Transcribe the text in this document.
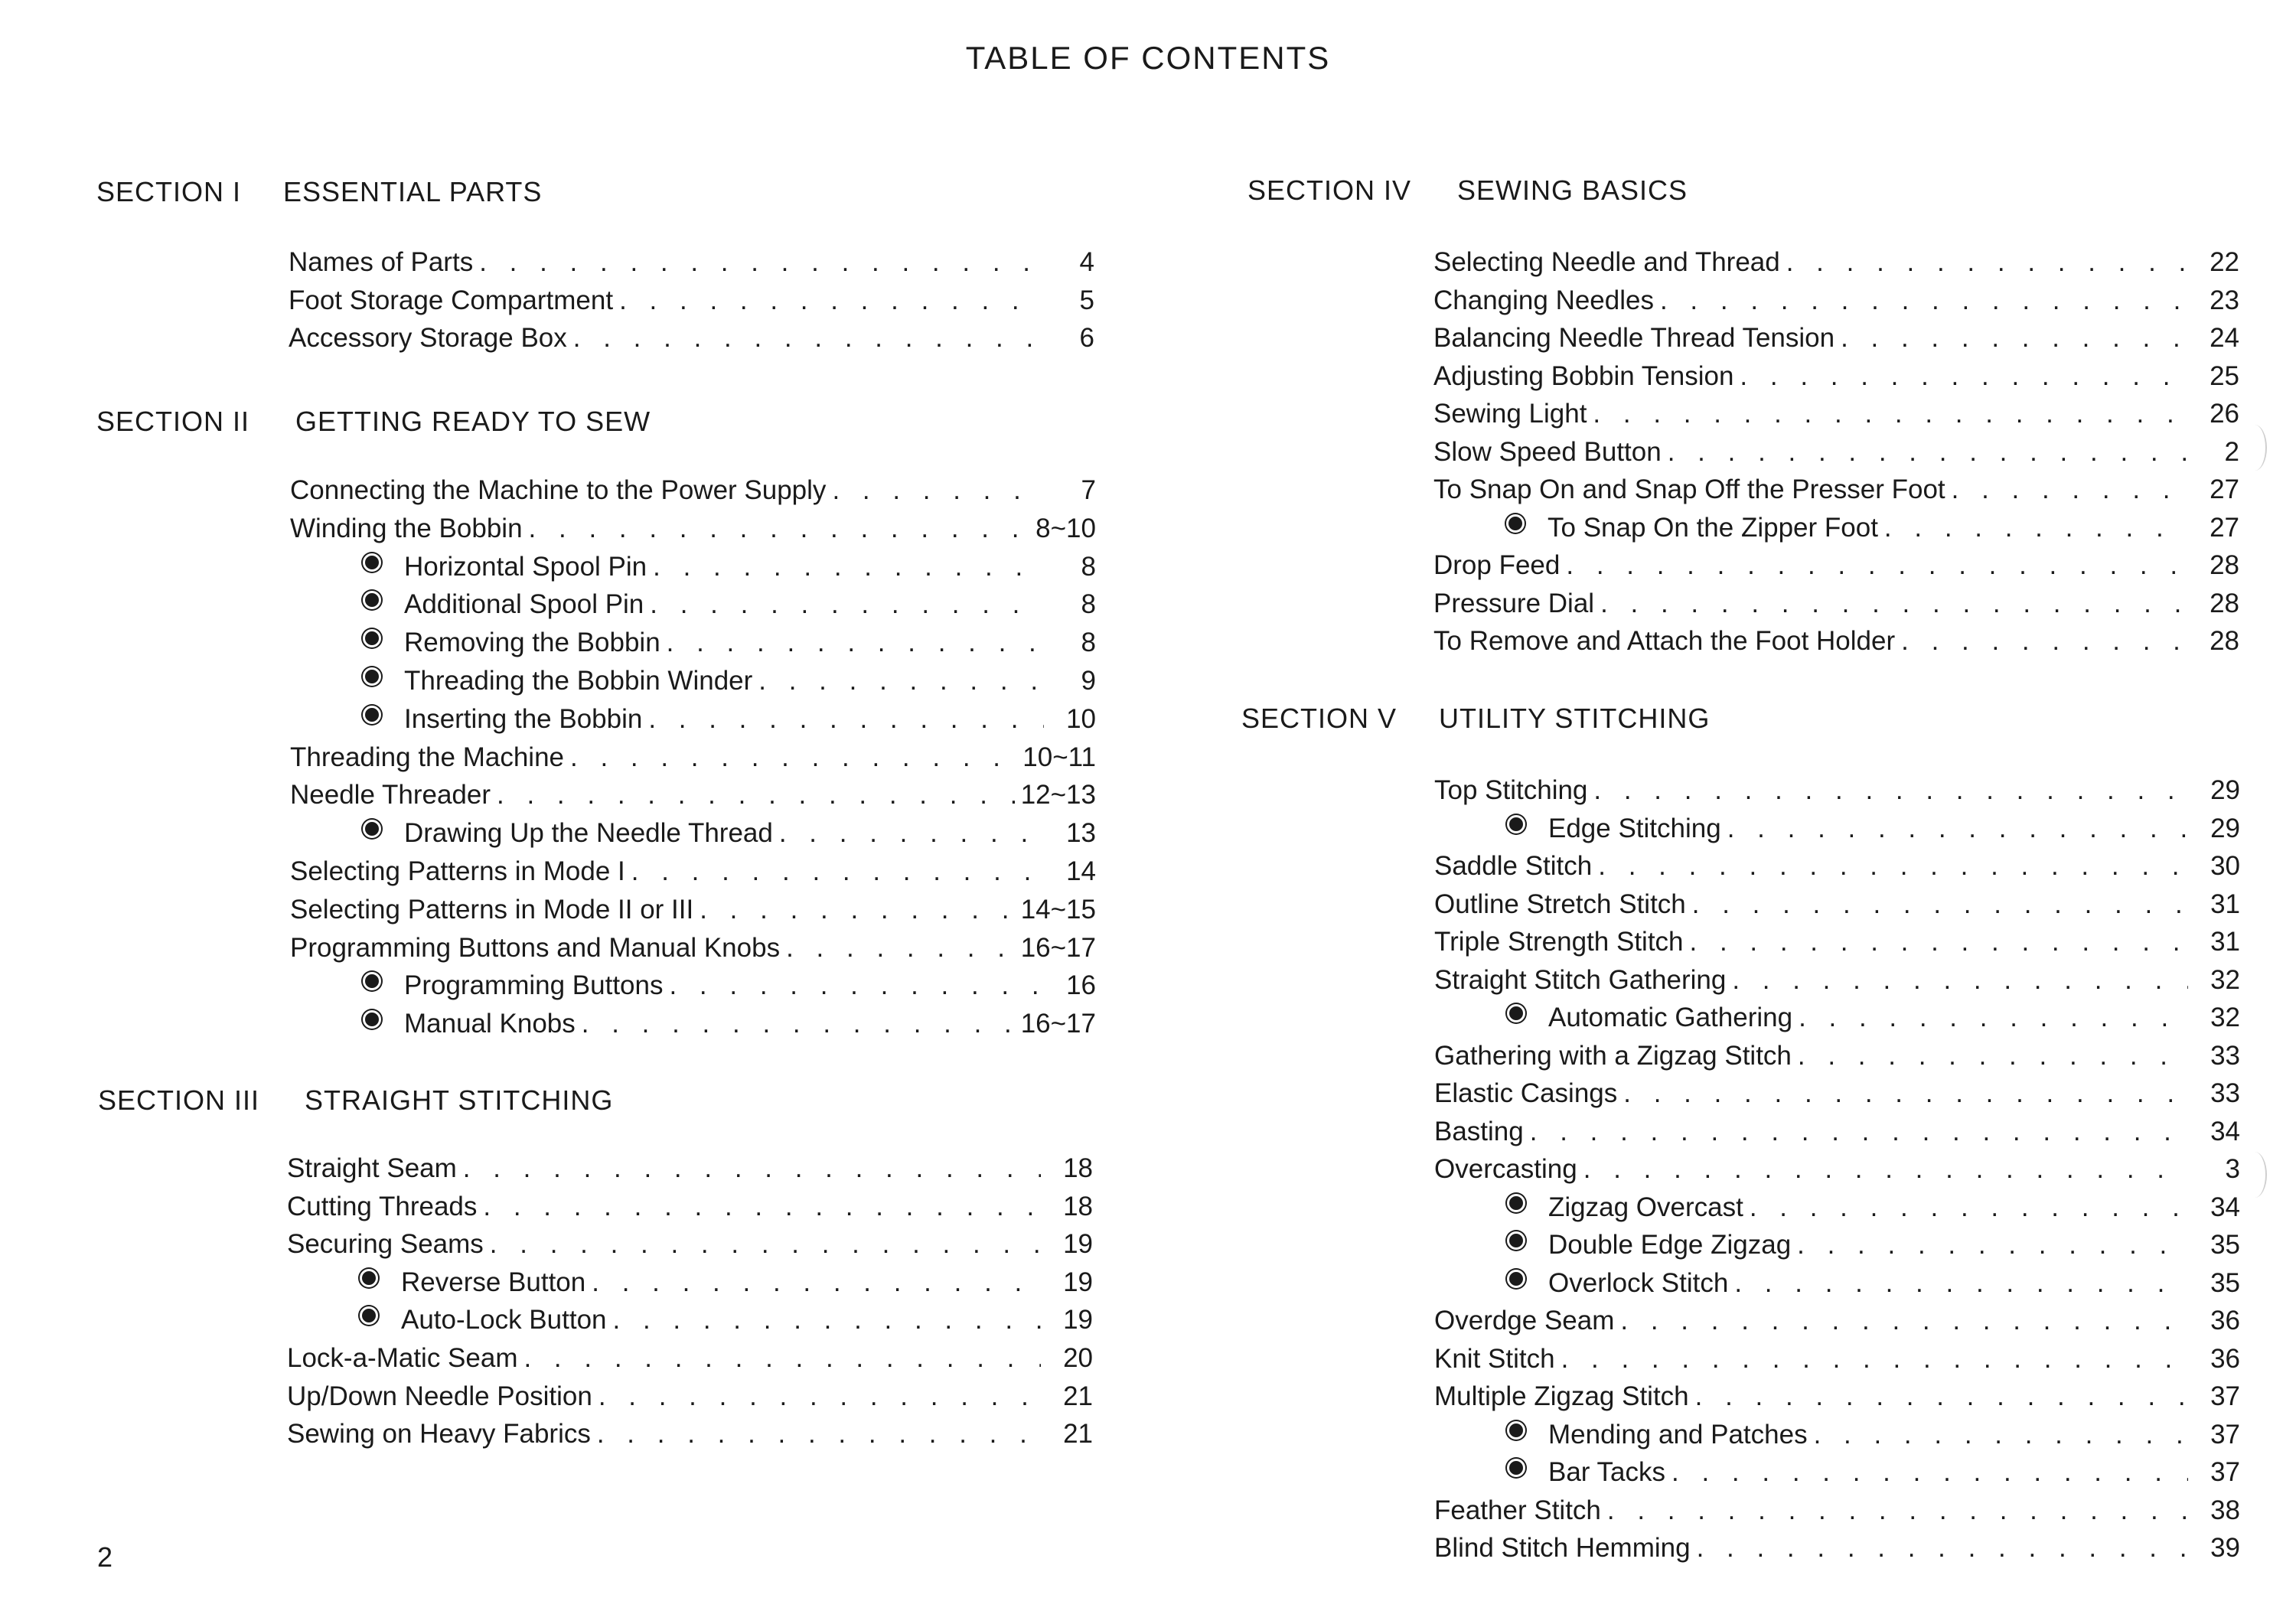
TABLE OF CONTENTS
SECTION I ESSENTIAL PARTS
SECTION II GETTING READY TO SEW
SECTION III STRAIGHT STITCHING
SECTION IV SEWING BASICS
SECTION V UTILITY STITCHING
Names of Parts . . .	4
Foot Storage Compartment . . .	5
Accessory Storage Box . . .	6
Connecting the Machine to the Power Supply . . .	7
Winding the Bobbin . . .	8~10
Horizontal Spool Pin . . .	8
Additional Spool Pin . . .	8
Removing the Bobbin . . .	8
Threading the Bobbin Winder . . .	9
Inserting the Bobbin . . .	10
Threading the Machine . . .	10~11
Needle Threader . . .	12~13
Drawing Up the Needle Thread . . .	13
Selecting Patterns in Mode I . . .	14
Selecting Patterns in Mode II or III . . .	14~15
Programming Buttons and Manual Knobs . . .	16~17
Programming Buttons . . .	16
Manual Knobs . . .	16~17
Straight Seam . . .	18
Cutting Threads . . .	18
Securing Seams . . .	19
Reverse Button . . .	19
Auto-Lock Button . . .	19
Lock-a-Matic Seam . . .	20
Up/Down Needle Position . . .	21
Sewing on Heavy Fabrics . . .	21
Selecting Needle and Thread . . .	22
Changing Needles . . .	23
Balancing Needle Thread Tension . . .	24
Adjusting Bobbin Tension . . .	25
Sewing Light . . .	26
Slow Speed Button . . .	2
To Snap On and Snap Off the Presser Foot . . .	27
To Snap On the Zipper Foot . . .	27
Drop Feed . . .	28
Pressure Dial . . .	28
To Remove and Attach the Foot Holder . . .	28
Top Stitching . . .	29
Edge Stitching . . .	29
Saddle Stitch . . .	30
Outline Stretch Stitch . . .	31
Triple Strength Stitch . . .	31
Straight Stitch Gathering . . .	32
Automatic Gathering . . .	32
Gathering with a Zigzag Stitch . . .	33
Elastic Casings . . .	33
Basting . . .	34
Overcasting . . .	3
Zigzag Overcast . . .	34
Double Edge Zigzag . . .	35
Overlock Stitch . . .	35
Overdge Seam . . .	36
Knit Stitch . . .	36
Multiple Zigzag Stitch . . .	37
Mending and Patches . . .	37
Bar Tacks . . .	37
Feather Stitch . . .	38
Blind Stitch Hemming . . .	39
2
